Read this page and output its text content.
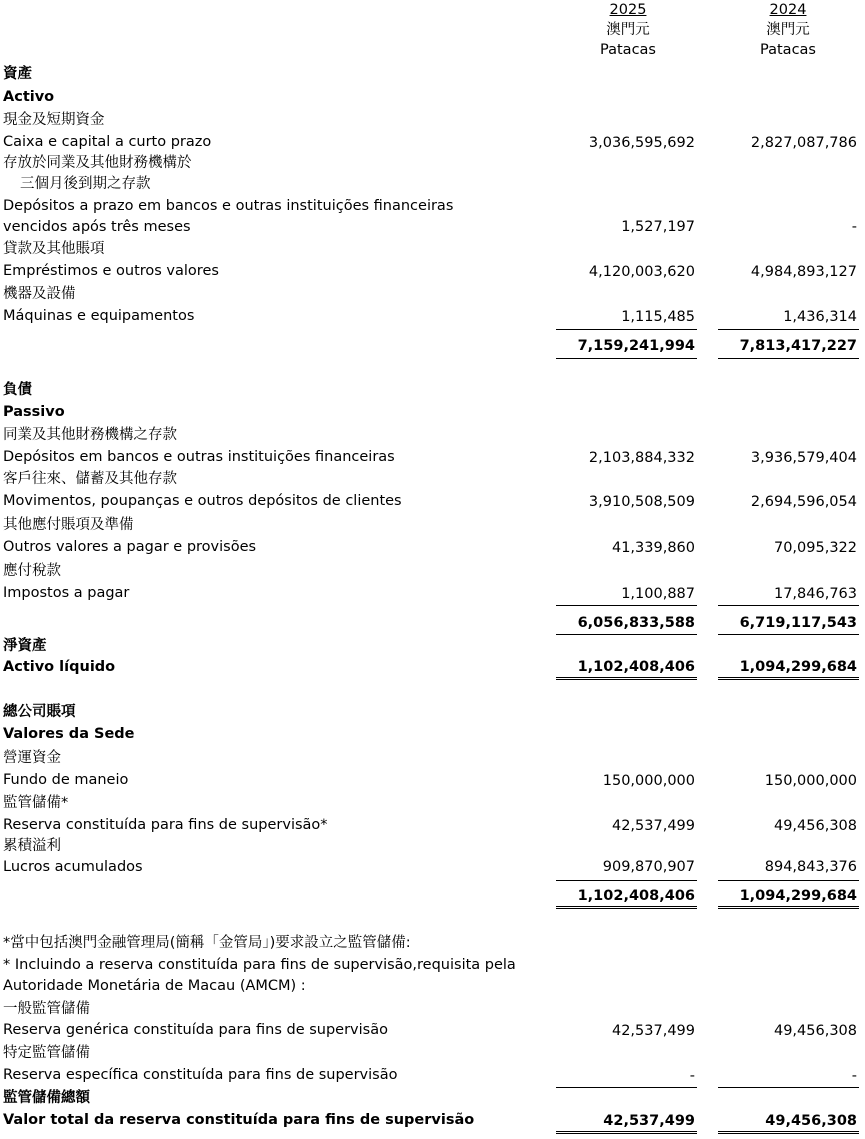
2025
澳門元
Patacas
2024
澳門元
Patacas
資產
Activo
現金及短期資金
Caixa e capital a curto prazo	3,036,595,692	2,827,087,786
存放於同業及其他財務機構於
三個月後到期之存款
Depósitos a prazo em bancos e outras instituições financeiras
vencidos após três meses	1,527,197	-
貸款及其他賬項
Empréstimos e outros valores	4,120,003,620	4,984,893,127
機器及設備
Máquinas e equipamentos	1,115,485	1,436,314
7,159,241,994	7,813,417,227
負債
Passivo
同業及其他財務機構之存款
Depósitos em bancos e outras instituições financeiras	2,103,884,332	3,936,579,404
客戶往來、儲蓄及其他存款
Movimentos, poupanças e outros depósitos de clientes	3,910,508,509	2,694,596,054
其他應付賬項及準備
Outros valores a pagar e provisões	41,339,860	70,095,322
應付稅款
Impostos a pagar	1,100,887	17,846,763
6,056,833,588	6,719,117,543
淨資產
Activo líquido	1,102,408,406	1,094,299,684
總公司賬項
Valores da Sede
營運資金
Fundo de maneio	150,000,000	150,000,000
監管儲備*
Reserva constituída para fins de supervisão*	42,537,499	49,456,308
累積溢利
Lucros acumulados	909,870,907	894,843,376
1,102,408,406	1,094,299,684
*當中包括澳門金融管理局(簡稱「金管局」)要求設立之監管儲備:
* Incluindo a reserva constituída para fins de supervisão,requisita pela
Autoridade Monetária de Macau (AMCM) :
一般監管儲備
Reserva genérica constituída para fins de supervisão	42,537,499	49,456,308
特定監管儲備
Reserva específica constituída para fins de supervisão	-	-
監管儲備總額
Valor total da reserva constituída para fins de supervisão	42,537,499	49,456,308
